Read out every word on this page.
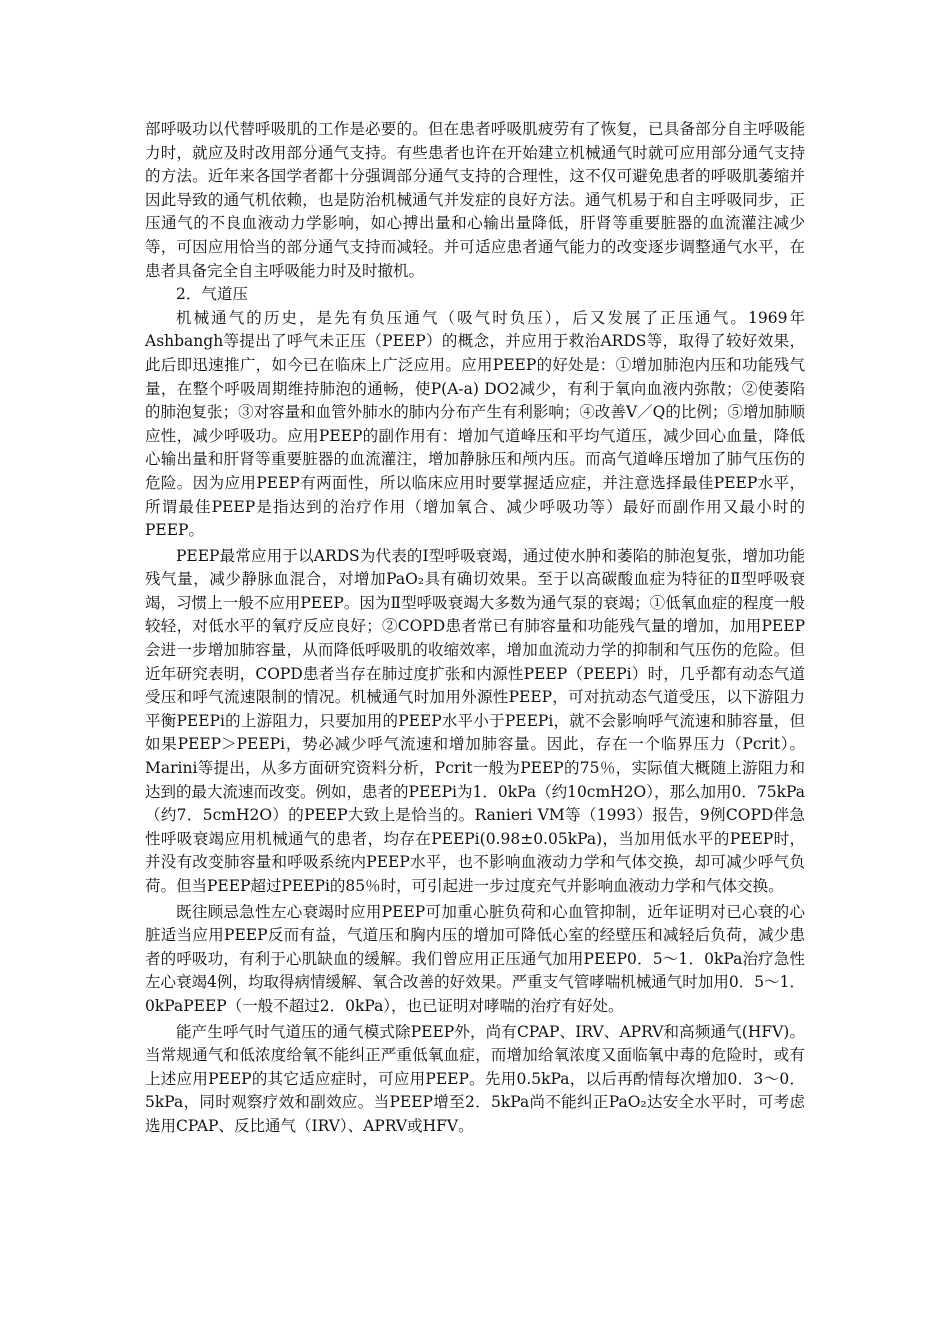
部呼吸功以代替呼吸肌的工作是必要的。但在患者呼吸肌疲劳有了恢复，已具备部分自主呼吸能力时，就应及时改用部分通气支持。有些患者也许在开始建立机械通气时就可应用部分通气支持的方法。近年来各国学者都十分强调部分通气支持的合理性，这不仅可避免患者的呼吸肌萎缩并因此导致的通气机依赖，也是防治机械通气并发症的良好方法。通气机易于和自主呼吸同步，正压通气的不良血液动力学影响，如心搏出量和心输出量降低，肝肾等重要脏器的血流灌注减少等，可因应用恰当的部分通气支持而减轻。并可适应患者通气能力的改变逐步调整通气水平，在患者具备完全自主呼吸能力时及时撤机。

2．气道压

机械通气的历史，是先有负压通气（吸气时负压），后又发展了正压通气。1969年Ashbangh等提出了呼气未正压（PEEP）的概念，并应用于救治ARDS等，取得了较好效果，此后即迅速推广，如今已在临床上广泛应用。应用PEEP的好处是：①增加肺泡内压和功能残气量，在整个呼吸周期维持肺泡的通畅，使P(A-a) DO2减少，有利于氧向血液内弥散；②使萎陷的肺泡复张；③对容量和血管外肺水的肺内分布产生有利影响；④改善V／Q的比例；⑤增加肺顺应性，减少呼吸功。应用PEEP的副作用有：增加气道峰压和平均气道压，减少回心血量，降低心输出量和肝肾等重要脏器的血流灌注，增加静脉压和颅内压。而高气道峰压增加了肺气压伤的危险。因为应用PEEP有两面性，所以临床应用时要掌握适应症，并注意选择最佳PEEP水平，所谓最佳PEEP是指达到的治疗作用（增加氧合、减少呼吸功等）最好而副作用又最小时的PEEP。

PEEP最常应用于以ARDS为代表的Ⅰ型呼吸衰竭，通过使水肿和萎陷的肺泡复张，增加功能残气量，减少静脉血混合，对增加PaO₂具有确切效果。至于以高碳酸血症为特征的Ⅱ型呼吸衰竭，习惯上一般不应用PEEP。因为Ⅱ型呼吸衰竭大多数为通气泵的衰竭；①低氧血症的程度一般较轻，对低水平的氧疗反应良好；②COPD患者常已有肺容量和功能残气量的增加，加用PEEP会进一步增加肺容量，从而降低呼吸肌的收缩效率，增加血流动力学的抑制和气压伤的危险。但近年研究表明，COPD患者当存在肺过度扩张和内源性PEEP（PEEPi）时，几乎都有动态气道受压和呼气流速限制的情况。机械通气时加用外源性PEEP，可对抗动态气道受压，以下游阻力平衡PEEPi的上游阻力，只要加用的PEEP水平小于PEEPi，就不会影响呼气流速和肺容量，但如果PEEP＞PEEPi，势必减少呼气流速和增加肺容量。因此，存在一个临界压力（Pcrit）。Marini等提出，从多方面研究资料分析，Pcrit一般为PEEP的75％，实际值大概随上游阻力和达到的最大流速而改变。例如，患者的PEEPi为1．0kPa（约10cmH2O），那么加用0．75kPa（约7．5cmH2O）的PEEP大致上是恰当的。Ranieri VM等（1993）报告，9例COPD伴急性呼吸衰竭应用机械通气的患者，均存在PEEPi(0.98±0.05kPa)，当加用低水平的PEEP时，并没有改变肺容量和呼吸系统内PEEP水平，也不影响血液动力学和气体交换，却可减少呼气负荷。但当PEEP超过PEEPi的85％时，可引起进一步过度充气并影响血液动力学和气体交换。

既往顾忌急性左心衰竭时应用PEEP可加重心脏负荷和心血管抑制，近年证明对已心衰的心脏适当应用PEEP反而有益，气道压和胸内压的增加可降低心室的经壁压和减轻后负荷，减少患者的呼吸功，有利于心肌缺血的缓解。我们曾应用正压通气加用PEEP0．5～1．0kPa治疗急性左心衰竭4例，均取得病情缓解、氧合改善的好效果。严重支气管哮喘机械通气时加用0．5～1．0kPaPEEP（一般不超过2．0kPa），也已证明对哮喘的治疗有好处。

能产生呼气时气道压的通气模式除PEEP外，尚有CPAP、IRV、APRV和高频通气(HFV)。当常规通气和低浓度给氧不能纠正严重低氧血症，而增加给氧浓度又面临氧中毒的危险时，或有上述应用PEEP的其它适应症时，可应用PEEP。先用0.5kPa，以后再酌情每次增加0．3～0．5kPa，同时观察疗效和副效应。当PEEP增至2．5kPa尚不能纠正PaO₂达安全水平时，可考虑选用CPAP、反比通气（IRV）、APRV或HFV。
